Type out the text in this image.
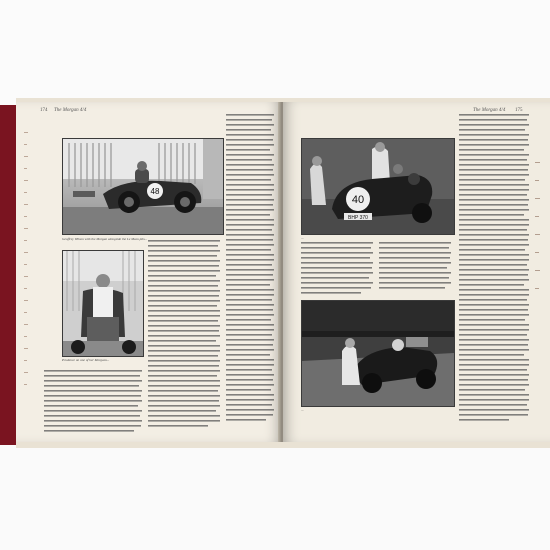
174 The Morgan 4/4
48
Geoffrey Wilson with the Morgan alongside the Le Mans pits...
Prudence on one of her Morgans...
The Morgan 4/4 175
40
BHP 370
...
...
